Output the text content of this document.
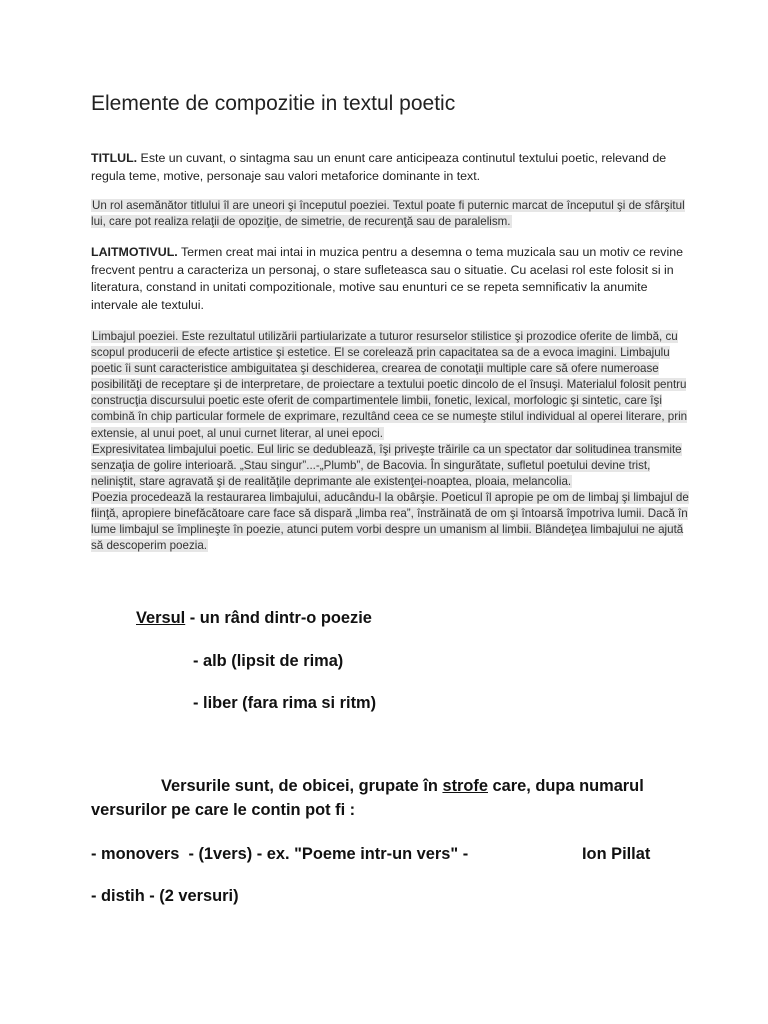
Elemente de compozitie in textul poetic

TITLUL. Este un cuvant, o sintagma sau un enunt care anticipeaza continutul textului poetic, relevand de regula teme, motive, personaje sau valori metaforice dominante in text.

Un rol asemănător titlului îl are uneori şi începutul poeziei. Textul poate fi puternic marcat de începutul şi de sfârşitul lui, care pot realiza relaţii de opoziţie, de simetrie, de recurenţă sau de paralelism.

LAITMOTIVUL. Termen creat mai intai in muzica pentru a desemna o tema muzicala sau un motiv ce revine frecvent pentru a caracteriza un personaj, o stare sufleteasca sau o situatie. Cu acelasi rol este folosit si in literatura, constand in unitati compozitionale, motive sau enunturi ce se repeta semnificativ la anumite intervale ale textului.

Limbajul poeziei. Este rezultatul utilizării partiularizate a tuturor resurselor stilistice şi prozodice oferite de limbă, cu scopul producerii de efecte artistice şi estetice. El se corelează prin capacitatea sa de a evoca imagini. Limbajulu poetic îi sunt caracteristice ambiguitatea şi deschiderea, crearea de conotaţii multiple care să ofere numeroase posibilităţi de receptare şi de interpretare, de proiectare a textului poetic dincolo de el însuşi. Materialul folosit pentru construcţia discursului poetic este oferit de compartimentele limbii, fonetic, lexical, morfologic şi sintetic, care îşi combină în chip particular formele de exprimare, rezultând ceea ce se numeşte stilul individual al operei literare, prin extensie, al unui poet, al unui curnet literar, al unei epoci.
Expresivitatea limbajului poetic. Eul liric se dedublează, îşi priveşte trăirile ca un spectator dar solitudinea transmite senzaţia de golire interioară. „Stau singur”...-„Plumb”, de Bacovia. În singurătate, sufletul poetului devine trist, neliniştit, stare agravată şi de realităţile deprimante ale existenţei-noaptea, ploaia, melancolia.
Poezia procedează la restaurarea limbajului, aducându-l la obârşie. Poeticul îl apropie pe om de limbaj şi limbajul de fiinţă, apropiere binefăcătoare care face să dispară „limba rea”, înstrăinată de om şi întoarsă împotriva lumii. Dacă în lume limbajul se împlineşte în poezie, atunci putem vorbi despre un umanism al limbii. Blândeţea limbajului ne ajută să descoperim poezia.

Versul - un rând dintr-o poezie

- alb (lipsit de rima)

- liber (fara rima si ritm)

Versurile sunt, de obicei, grupate în strofe care, dupa numarul

versurilor pe care le contin pot fi :

- monovers  - (1vers) - ex. "Poeme intr-un vers" -	Ion Pillat

- distih - (2 versuri)
